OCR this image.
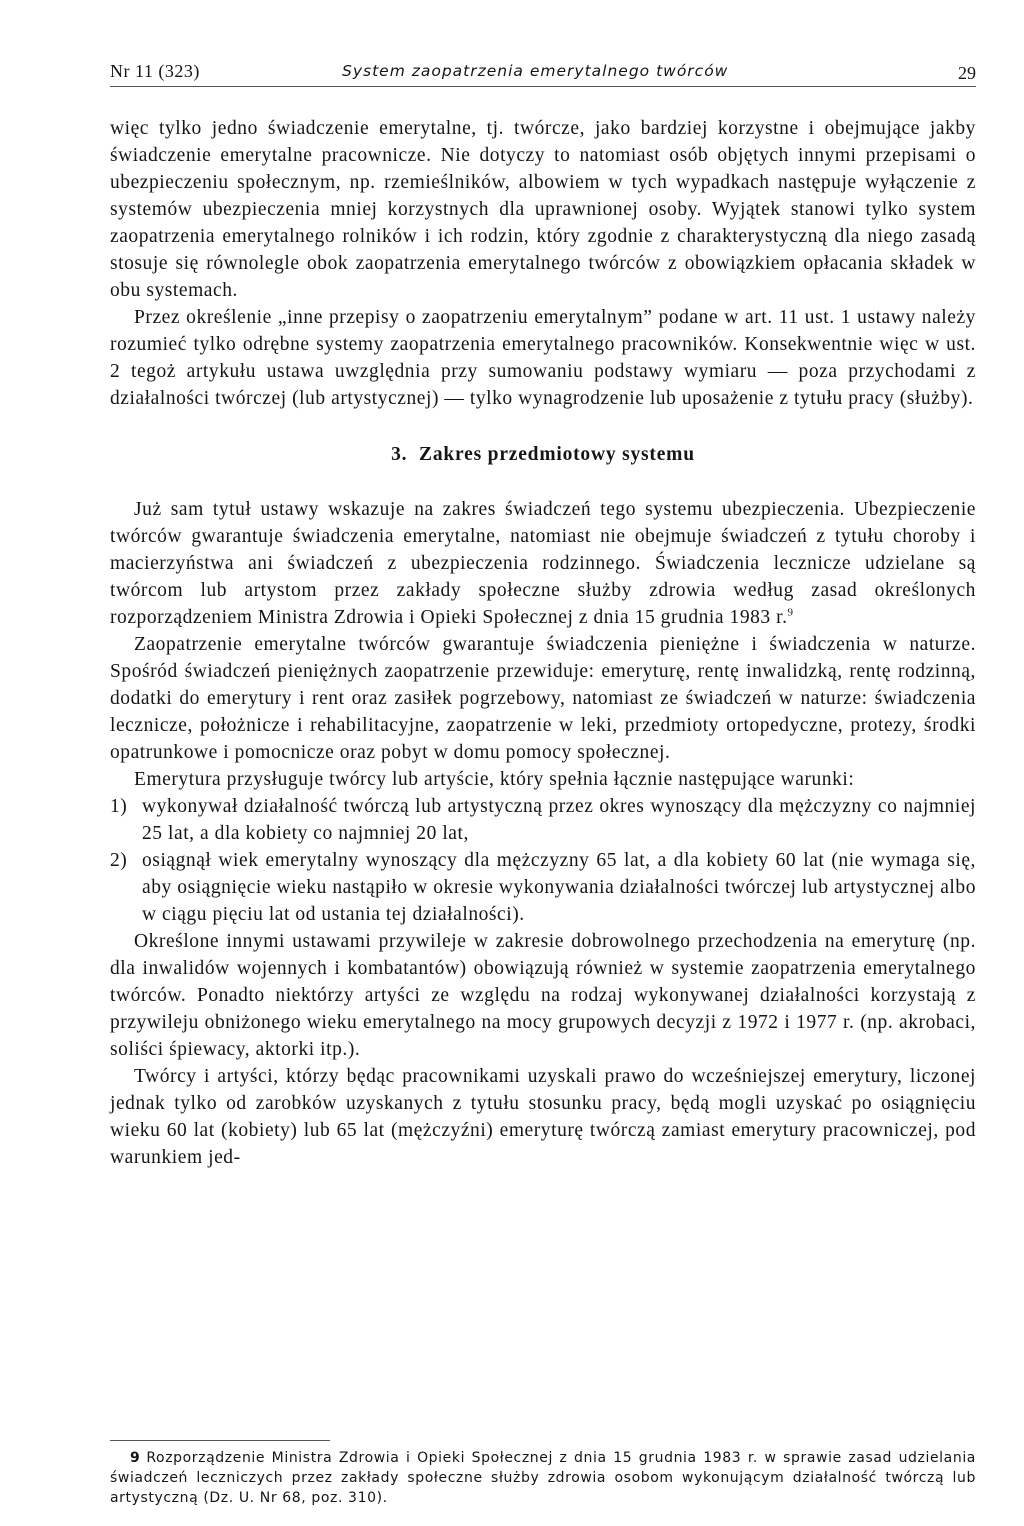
Nr 11 (323)	System zaopatrzenia emerytalnego twórców	29

więc tylko jedno świadczenie emerytalne, tj. twórcze, jako bardziej korzystne i obejmujące jakby świadczenie emerytalne pracownicze. Nie dotyczy to natomiast osób objętych innymi przepisami o ubezpieczeniu społecznym, np. rzemieślników, albowiem w tych wypadkach następuje wyłączenie z systemów ubezpieczenia mniej korzystnych dla uprawnionej osoby. Wyjątek stanowi tylko system zaopatrzenia emerytalnego rolników i ich rodzin, który zgodnie z charakterystyczną dla niego zasadą stosuje się równolegle obok zaopatrzenia emerytalnego twórców z obowiązkiem opłacania składek w obu systemach.

Przez określenie „inne przepisy o zaopatrzeniu emerytalnym” podane w art. 11 ust. 1 ustawy należy rozumieć tylko odrębne systemy zaopatrzenia emerytalnego pracowników. Konsekwentnie więc w ust. 2 tegoż artykułu ustawa uwzględnia przy sumowaniu podstawy wymiaru — poza przychodami z działalności twórczej (lub artystycznej) — tylko wynagrodzenie lub uposażenie z tytułu pracy (służby).

3. Zakres przedmiotowy systemu

Już sam tytuł ustawy wskazuje na zakres świadczeń tego systemu ubezpieczenia. Ubezpieczenie twórców gwarantuje świadczenia emerytalne, natomiast nie obejmuje świadczeń z tytułu choroby i macierzyństwa ani świadczeń z ubezpieczenia rodzinnego. Świadczenia lecznicze udzielane są twórcom lub artystom przez zakłady społeczne służby zdrowia według zasad określonych rozporządzeniem Ministra Zdrowia i Opieki Społecznej z dnia 15 grudnia 1983 r.$^9$

Zaopatrzenie emerytalne twórców gwarantuje świadczenia pieniężne i świadczenia w naturze. Spośród świadczeń pieniężnych zaopatrzenie przewiduje: emeryturę, rentę inwalidzką, rentę rodzinną, dodatki do emerytury i rent oraz zasiłek pogrzebowy, natomiast ze świadczeń w naturze: świadczenia lecznicze, położnicze i rehabilitacyjne, zaopatrzenie w leki, przedmioty ortopedyczne, protezy, środki opatrunkowe i pomocnicze oraz pobyt w domu pomocy społecznej.

Emerytura przysługuje twórcy lub artyście, który spełnia łącznie następujące warunki:

1) wykonywał działalność twórczą lub artystyczną przez okres wynoszący dla mężczyzny co najmniej 25 lat, a dla kobiety co najmniej 20 lat,
2) osiągnął wiek emerytalny wynoszący dla mężczyzny 65 lat, a dla kobiety 60 lat (nie wymaga się, aby osiągnięcie wieku nastąpiło w okresie wykonywania działalności twórczej lub artystycznej albo w ciągu pięciu lat od ustania tej działalności).

Określone innymi ustawami przywileje w zakresie dobrowolnego przechodzenia na emeryturę (np. dla inwalidów wojennych i kombatantów) obowiązują również w systemie zaopatrzenia emerytalnego twórców. Ponadto niektórzy artyści ze względu na rodzaj wykonywanej działalności korzystają z przywileju obniżonego wieku emerytalnego na mocy grupowych decyzji z 1972 i 1977 r. (np. akrobaci, soliści śpiewacy, aktorki itp.).

Twórcy i artyści, którzy będąc pracownikami uzyskali prawo do wcześniejszej emerytury, liczonej jednak tylko od zarobków uzyskanych z tytułu stosunku pracy, będą mogli uzyskać po osiągnięciu wieku 60 lat (kobiety) lub 65 lat (mężczyźni) emeryturę twórczą zamiast emerytury pracowniczej, pod warunkiem jed-

9 Rozporządzenie Ministra Zdrowia i Opieki Społecznej z dnia 15 grudnia 1983 r. w sprawie zasad udzielania świadczeń leczniczych przez zakłady społeczne służby zdrowia osobom wykonującym działalność twórczą lub artystyczną (Dz. U. Nr 68, poz. 310).
